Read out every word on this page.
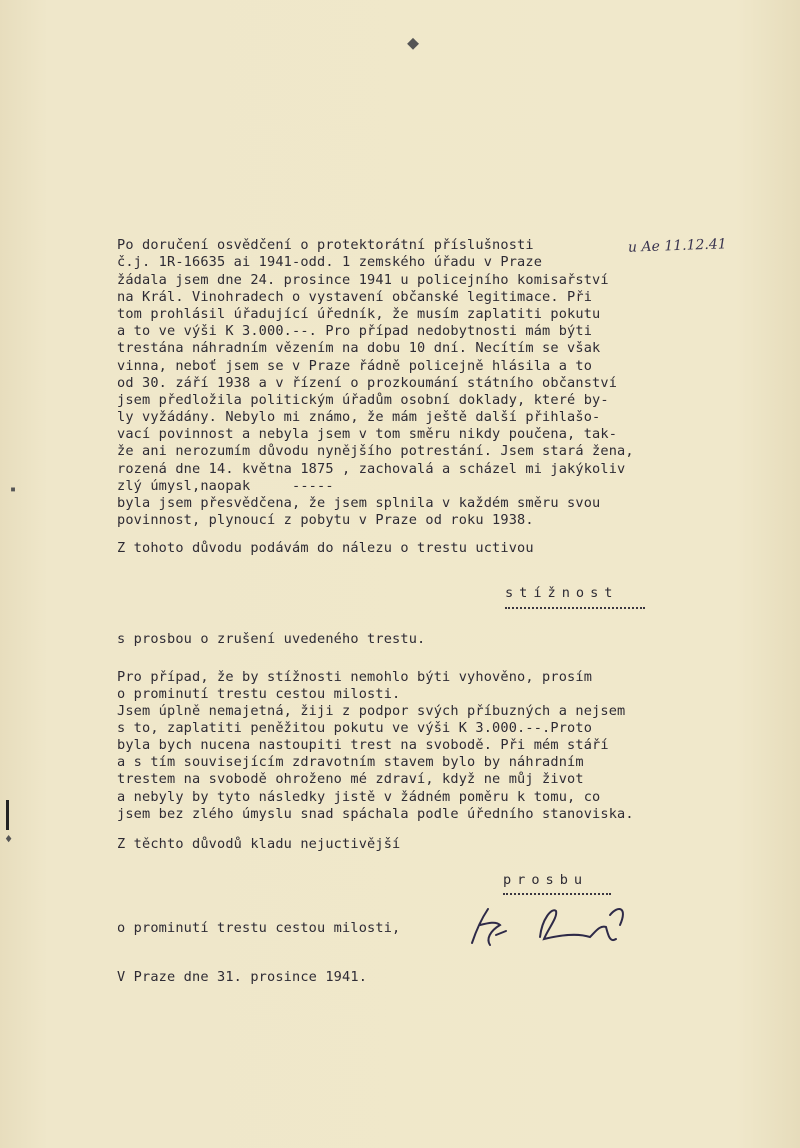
◆
▪
♦
u Ae 11.12.41
Po doručení osvědčení o protektorátní příslušnosti
č.j. 1R-16635 ai 1941-odd. 1 zemského úřadu v Praze
žádala jsem dne 24. prosince 1941 u policejního komisařství
na Král. Vinohradech o vystavení občanské legitimace. Při
tom prohlásil úřadující úředník, že musím zaplatiti pokutu
a to ve výši K 3.000.--. Pro případ nedobytnosti mám býti
trestána náhradním vězením na dobu 10 dní. Necítím se však
vinna, neboť jsem se v Praze řádně policejně hlásila a to
od 30. září 1938 a v řízení o prozkoumání státního občanství
jsem předložila politickým úřadům osobní doklady, které by-
ly vyžádány. Nebylo mi známo, že mám ještě další přihlašo-
vací povinnost a nebyla jsem v tom směru nikdy poučena, tak-
že ani nerozumím důvodu nynějšího potrestání. Jsem stará žena,
rozená dne 14. května 1875 , zachovalá a scházel mi jakýkoliv
zlý úmysl,naopak     -----
byla jsem přesvědčena, že jsem splnila v každém směru svou
povinnost, plynoucí z pobytu v Praze od roku 1938.
Z tohoto důvodu podávám do nálezu o trestu uctivou
stížnost
s prosbou o zrušení uvedeného trestu.
Pro případ, že by stížnosti nemohlo býti vyhověno, prosím
o prominutí trestu cestou milosti.
Jsem úplně nemajetná, žiji z podpor svých příbuzných a nejsem
s to, zaplatiti peněžitou pokutu ve výši K 3.000.--.Proto
byla bych nucena nastoupiti trest na svobodě. Při mém stáří
a s tím souvisejícím zdravotním stavem bylo by náhradním
trestem na svobodě ohroženo mé zdraví, když ne můj život
a nebyly by tyto následky jistě v žádném poměru k tomu, co
jsem bez zlého úmyslu snad spáchala podle úředního stanoviska.
Z těchto důvodů kladu nejuctivější
prosbu
o prominutí trestu cestou milosti,
V Praze dne 31. prosince 1941.
